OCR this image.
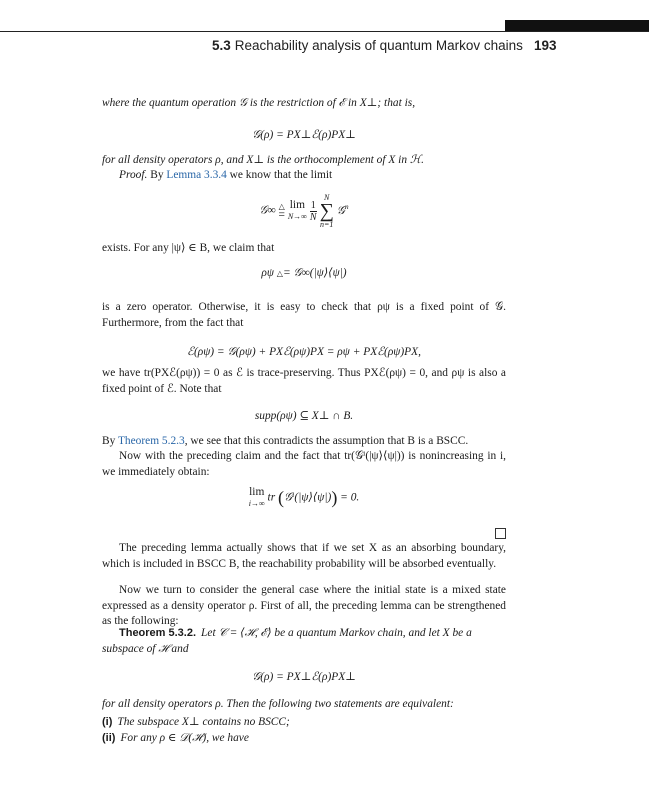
5.3 Reachability analysis of quantum Markov chains 193

where the quantum operation 𝒢 is the restriction of ℰ in X⊥; that is,

𝒢(ρ) = PX⊥ℰ(ρ)PX⊥

for all density operators ρ, and X⊥ is the orthocomplement of X in ℋ.

Proof. By Lemma 3.3.4 we know that the limit

𝒢∞ △
= lim
$N\to\infty \frac{1}{N}$
N
∑
n=1 𝒢$^n$

exists. For any |ψ⟩ ∈ B, we claim that

ρψ △= 𝒢∞(|ψ⟩⟨ψ|)

is a zero operator. Otherwise, it is easy to check that ρψ is a fixed point of 𝒢. Furthermore, from the fact that

ℰ(ρψ) = 𝒢(ρψ) + PXℰ(ρψ)PX = ρψ + PXℰ(ρψ)PX,

we have tr(PXℰ(ρψ)) = 0 as ℰ is trace-preserving. Thus PXℰ(ρψ) = 0, and ρψ is also a fixed point of ℰ. Note that

supp(ρψ) ⊆ X⊥ ∩ B.

By Theorem 5.2.3, we see that this contradicts the assumption that B is a BSCC.

Now with the preceding claim and the fact that tr(𝒢ⁱ(|ψ⟩⟨ψ|)) is nonincreasing in i, we immediately obtain:

lim
i→∞ tr (𝒢ⁱ(|ψ⟩⟨ψ|)) = 0.

The preceding lemma actually shows that if we set X as an absorbing boundary, which is included in BSCC B, the reachability probability will be absorbed eventually.

Now we turn to consider the general case where the initial state is a mixed state expressed as a density operator ρ. First of all, the preceding lemma can be strengthened as the following:

Theorem 5.3.2. Let 𝒞 = ⟨ℋ, ℰ⟩ be a quantum Markov chain, and let X be a subspace of ℋ and

𝒢(ρ) = PX⊥ℰ(ρ)PX⊥

for all density operators ρ. Then the following two statements are equivalent:

(i) The subspace X⊥ contains no BSCC;

(ii) For any ρ ∈ 𝒟(ℋ), we have
